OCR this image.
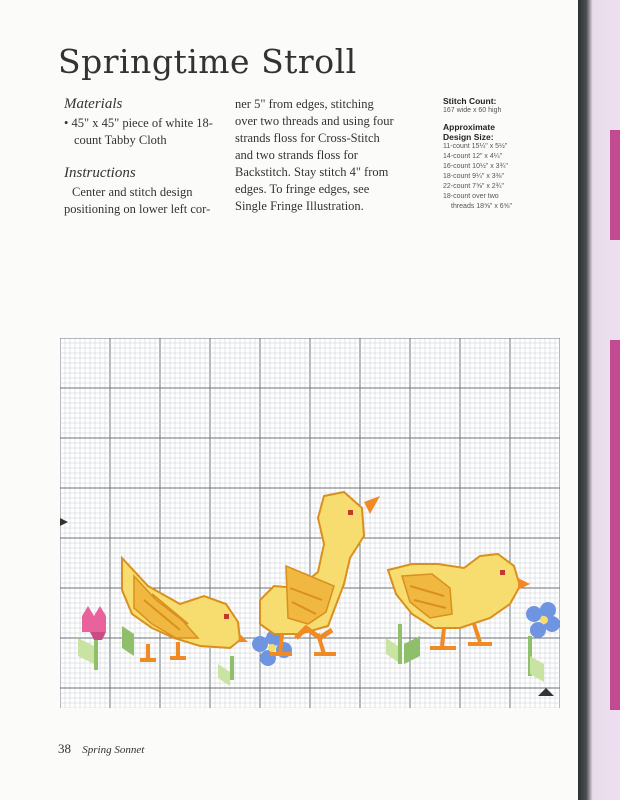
Springtime Stroll
Materials

• 45" x 45" piece of white 18-count Tabby Cloth

Instructions

Center and stitch design positioning on lower left cor-

ner 5" from edges, stitching over two threads and using four strands floss for Cross-Stitch and two strands floss for Backstitch. Stay stitch 4" from edges. To fringe edges, see Single Fringe Illustration.

Stitch Count:
167 wide x 60 high
Approximate
Design Size:
11-count 15¼" x 5½"
14-count 12" x 4¼"
16-count 10½" x 3¾"
18-count 9¼" x 3⅜"
22-count 7⅝" x 2¾"
18-count over two
threads 18⅝" x 6⅝"
38 Spring Sonnet
